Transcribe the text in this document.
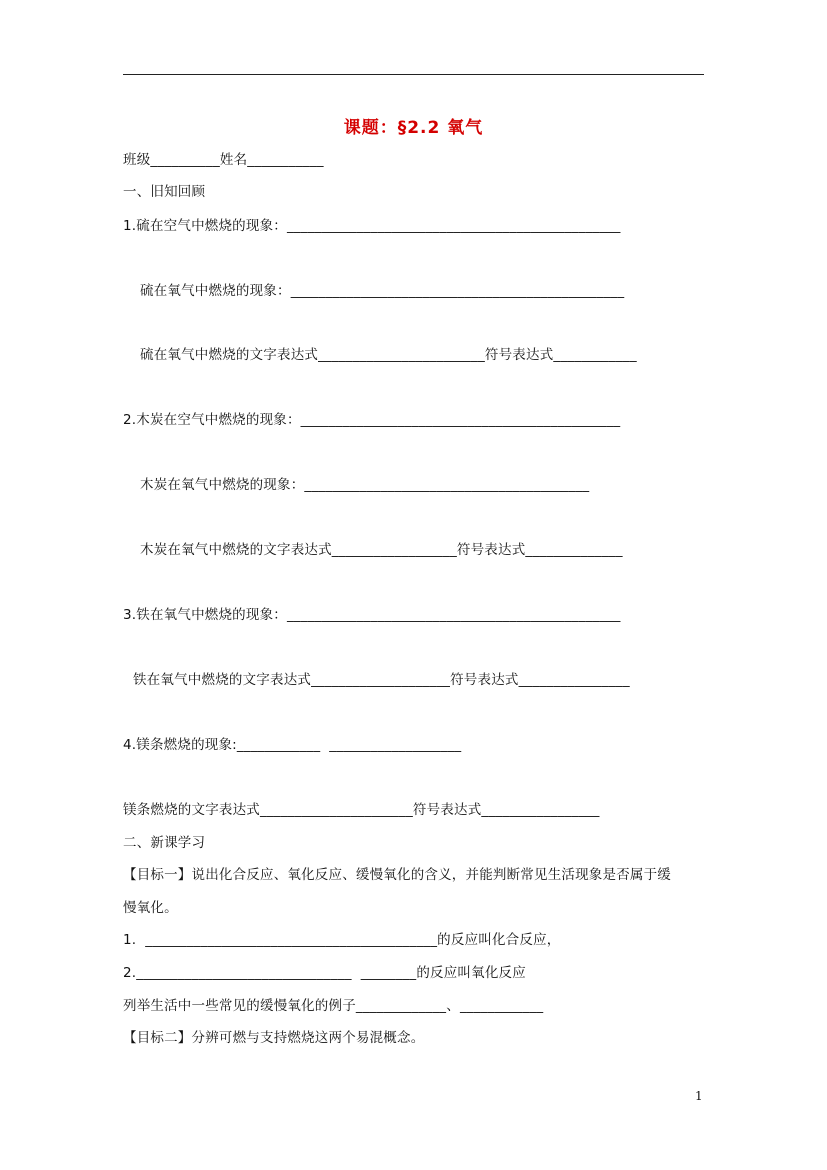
课题：§2.2 氧气
班级__________姓名___________
一、旧知回顾
1.硫在空气中燃烧的现象：________________________________________________
硫在氧气中燃烧的现象：________________________________________________
硫在氧气中燃烧的文字表达式________________________符号表达式____________
2.木炭在空气中燃烧的现象：______________________________________________
木炭在氧气中燃烧的现象：_________________________________________
木炭在氧气中燃烧的文字表达式__________________符号表达式______________
3.铁在氧气中燃烧的现象：________________________________________________
铁在氧气中燃烧的文字表达式____________________符号表达式________________
4.镁条燃烧的现象:____________  ___________________
镁条燃烧的文字表达式______________________符号表达式_________________
二、新课学习
【目标一】说出化合反应、氧化反应、缓慢氧化的含义，并能判断常见生活现象是否属于缓
慢氧化。
1.  __________________________________________的反应叫化合反应，
2._______________________________  ________的反应叫氧化反应
列举生活中一些常见的缓慢氧化的例子_____________、____________
【目标二】分辨可燃与支持燃烧这两个易混概念。
1
